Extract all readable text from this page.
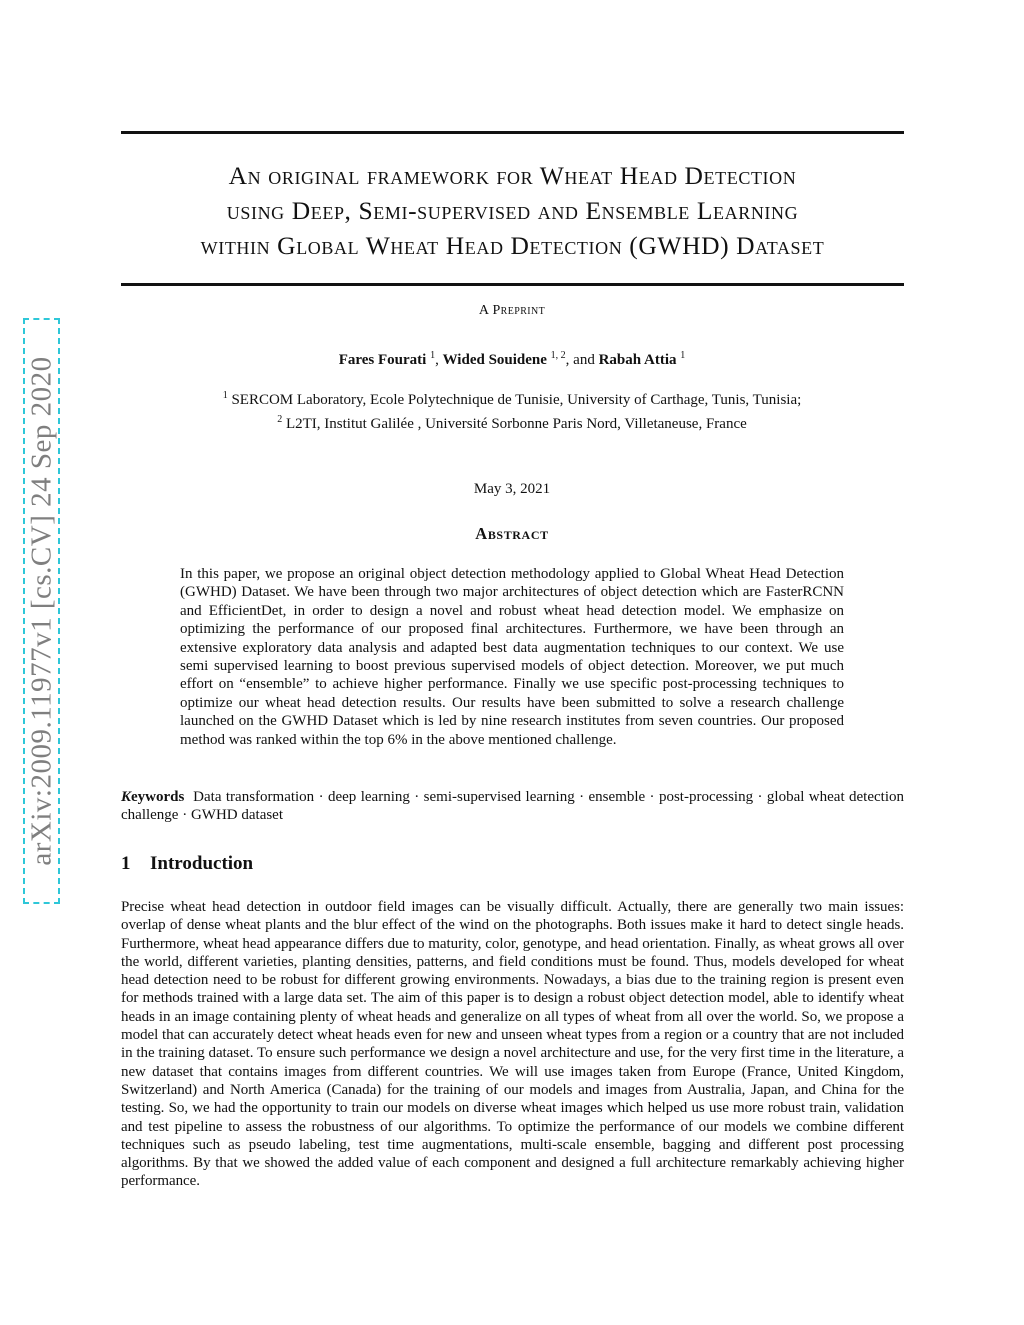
arXiv:2009.11977v1 [cs.CV] 24 Sep 2020
An original framework for Wheat Head Detection
using Deep, Semi-supervised and Ensemble Learning
within Global Wheat Head Detection (GWHD) Dataset
A Preprint
Fares Fourati $^1$, Wided Souidene $^{1, 2}$, and Rabah Attia $^1$
$^1$ SERCOM Laboratory, Ecole Polytechnique de Tunisie, University of Carthage, Tunis, Tunisia;
$^2$ L2TI, Institut Galilée , Université Sorbonne Paris Nord, Villetaneuse, France
May 3, 2021
Abstract

In this paper, we propose an original object detection methodology applied to Global Wheat Head Detection (GWHD) Dataset. We have been through two major architectures of object detection which are FasterRCNN and EfficientDet, in order to design a novel and robust wheat head detection model. We emphasize on optimizing the performance of our proposed final architectures. Furthermore, we have been through an extensive exploratory data analysis and adapted best data augmentation techniques to our context. We use semi supervised learning to boost previous supervised models of object detection. Moreover, we put much effort on “ensemble” to achieve higher performance. Finally we use specific post-processing techniques to optimize our wheat head detection results. Our results have been submitted to solve a research challenge launched on the GWHD Dataset which is led by nine research institutes from seven countries. Our proposed method was ranked within the top 6% in the above mentioned challenge.

Keywords Data transformation · deep learning · semi-supervised learning · ensemble · post-processing · global wheat detection challenge · GWHD dataset

1 Introduction

Precise wheat head detection in outdoor field images can be visually difficult. Actually, there are generally two main issues: overlap of dense wheat plants and the blur effect of the wind on the photographs. Both issues make it hard to detect single heads. Furthermore, wheat head appearance differs due to maturity, color, genotype, and head orientation. Finally, as wheat grows all over the world, different varieties, planting densities, patterns, and field conditions must be found. Thus, models developed for wheat head detection need to be robust for different growing environments. Nowadays, a bias due to the training region is present even for methods trained with a large data set. The aim of this paper is to design a robust object detection model, able to identify wheat heads in an image containing plenty of wheat heads and generalize on all types of wheat from all over the world. So, we propose a model that can accurately detect wheat heads even for new and unseen wheat types from a region or a country that are not included in the training dataset. To ensure such performance we design a novel architecture and use, for the very first time in the literature, a new dataset that contains images from different countries. We will use images taken from Europe (France, United Kingdom, Switzerland) and North America (Canada) for the training of our models and images from Australia, Japan, and China for the testing. So, we had the opportunity to train our models on diverse wheat images which helped us use more robust train, validation and test pipeline to assess the robustness of our algorithms. To optimize the performance of our models we combine different techniques such as pseudo labeling, test time augmentations, multi-scale ensemble, bagging and different post processing algorithms. By that we showed the added value of each component and designed a full architecture remarkably achieving higher performance.
